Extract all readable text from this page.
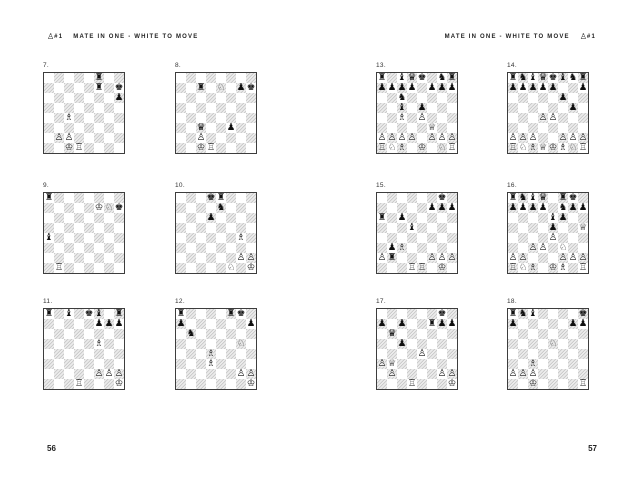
♙#1 MATE IN ONE - WHITE TO MOVE	MATE IN ONE - WHITE TO MOVE ♙#1
7.
♜
♜ ♚
♟
♗
♙ ♙
♔ ♖
8.
♜ ♘ ♟ ♚
♛ ♟
♙
♔ ♖
9.
♜
♔ ♘ ♚
♝
♖
10.
♚ ♜
♞
♟
♗
♙ ♙
♘ ♔
11.
♜ ♝ ♚ ♝ ♜
♟ ♟ ♟
♗
♙ ♙ ♙
♖	♔
12.
♜	♜ ♚
♟	♟
♞
♘
♗
♗
♙ ♙
♔
13.
♜ ♝ ♛ ♚ ♞ ♜
♟ ♟ ♟ ♟ ♟ ♟ ♟
♞
♝ ♟
♗ ♙
♕
♙ ♙ ♙ ♙ ♙ ♙ ♙
♖ ♘ ♗ ♔ ♘ ♖
14.
♜ ♞ ♝ ♛ ♚ ♝ ♞ ♜
♟ ♟ ♟ ♟ ♟ ♟
♟
♟
♙ ♙
♙ ♙ ♙ ♙ ♙ ♙
♖ ♘ ♗ ♕ ♔ ♗ ♘ ♖
15.
♚
♟ ♟ ♟
♜ ♟
♝
♟ ♗
♙ ♜	♙ ♙ ♙
♖ ♖ ♔
16.
♜ ♞ ♝ ♛ ♜ ♚
♟ ♟ ♟ ♟ ♞ ♟ ♟
♝ ♟
♟ ♕
♙
♙ ♙ ♘
♙ ♙	♙ ♙ ♙
♖ ♘ ♗ ♔ ♗ ♖
17.
♚
♟ ♟ ♜ ♟ ♟
♛
♟
♙
♙ ♕
♙	♙ ♙
♖	♔
18.
♜ ♞ ♝	♚
♟	♟ ♟
♘
♗
♙ ♙ ♙
♔	♖
56	57
